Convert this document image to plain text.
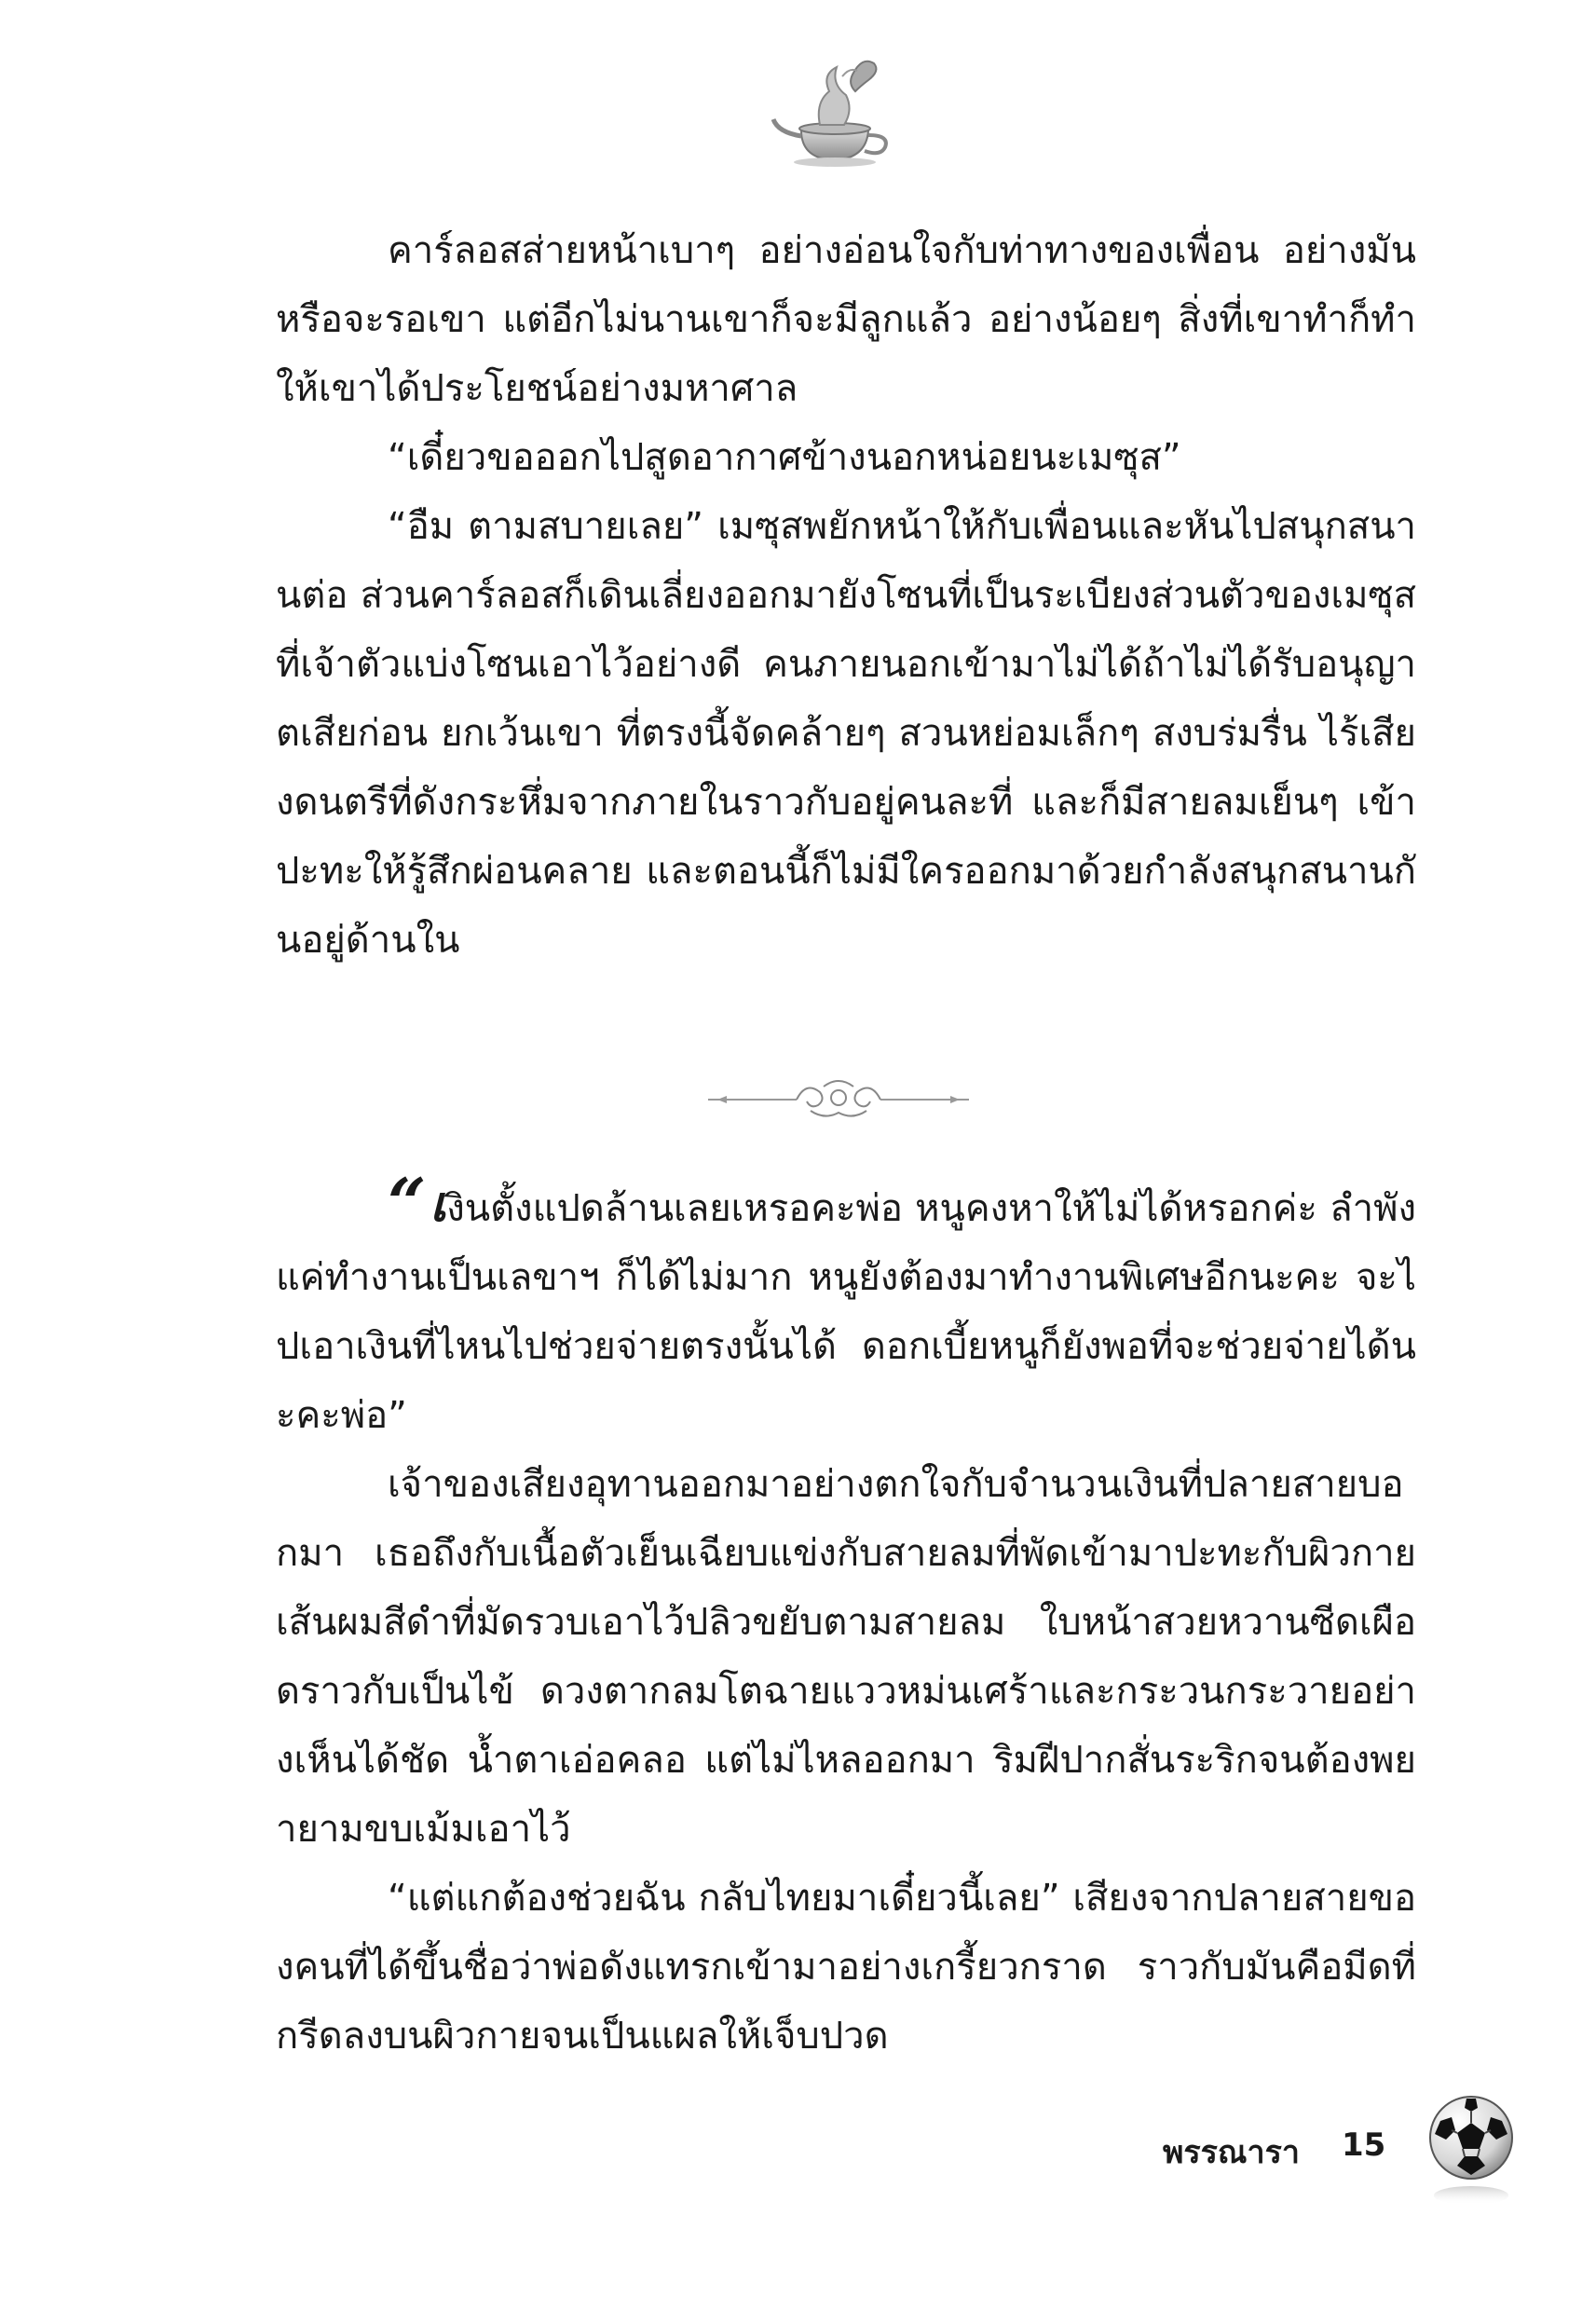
คาร์ลอสส่ายหน้าเบาๆ อย่างอ่อนใจกับท่าทางของเพื่อน อย่างมันหรือจะรอเขา แต่อีกไม่นานเขาก็จะมีลูกแล้ว อย่างน้อยๆ สิ่งที่เขาทำก็ทำให้เขาได้ประโยชน์อย่างมหาศาล

“เดี๋ยวขอออกไปสูดอากาศข้างนอกหน่อยนะเมซุส”

“อืม ตามสบายเลย” เมซุสพยักหน้าให้กับเพื่อนและหันไปสนุกสนานต่อ ส่วนคาร์ลอสก็เดินเลี่ยงออกมายังโซนที่เป็นระเบียงส่วนตัวของเมซุส ที่เจ้าตัวแบ่งโซนเอาไว้อย่างดี คนภายนอกเข้ามาไม่ได้ถ้าไม่ได้รับอนุญาตเสียก่อน ยกเว้นเขา ที่ตรงนี้จัดคล้ายๆ สวนหย่อมเล็กๆ สงบร่มรื่น ไร้เสียงดนตรีที่ดังกระหึ่มจากภายในราวกับอยู่คนละที่ และก็มีสายลมเย็นๆ เข้าปะทะให้รู้สึกผ่อนคลาย และตอนนี้ก็ไม่มีใครออกมาด้วยกำลังสนุกสนานกันอยู่ด้านใน

“เงินตั้งแปดล้านเลยเหรอคะพ่อ หนูคงหาให้ไม่ได้หรอกค่ะ ลำพังแค่ทำงานเป็นเลขาฯ ก็ได้ไม่มาก หนูยังต้องมาทำงานพิเศษอีกนะคะ จะไปเอาเงินที่ไหนไปช่วยจ่ายตรงนั้นได้ ดอกเบี้ยหนูก็ยังพอที่จะช่วยจ่ายได้นะคะพ่อ”

เจ้าของเสียงอุทานออกมาอย่างตกใจกับจำนวนเงินที่ปลายสายบอกมา เธอถึงกับเนื้อตัวเย็นเฉียบแข่งกับสายลมที่พัดเข้ามาปะทะกับผิวกาย เส้นผมสีดำที่มัดรวบเอาไว้ปลิวขยับตามสายลม ใบหน้าสวยหวานซีดเผือดราวกับเป็นไข้ ดวงตากลมโตฉายแววหม่นเศร้าและกระวนกระวายอย่างเห็นได้ชัด น้ำตาเอ่อคลอ แต่ไม่ไหลออกมา ริมฝีปากสั่นระริกจนต้องพยายามขบเม้มเอาไว้

“แต่แกต้องช่วยฉัน กลับไทยมาเดี๋ยวนี้เลย” เสียงจากปลายสายของคนที่ได้ขึ้นชื่อว่าพ่อดังแทรกเข้ามาอย่างเกรี้ยวกราด ราวกับมันคือมีดที่กรีดลงบนผิวกายจนเป็นแผลให้เจ็บปวด

พรรณารา 15
